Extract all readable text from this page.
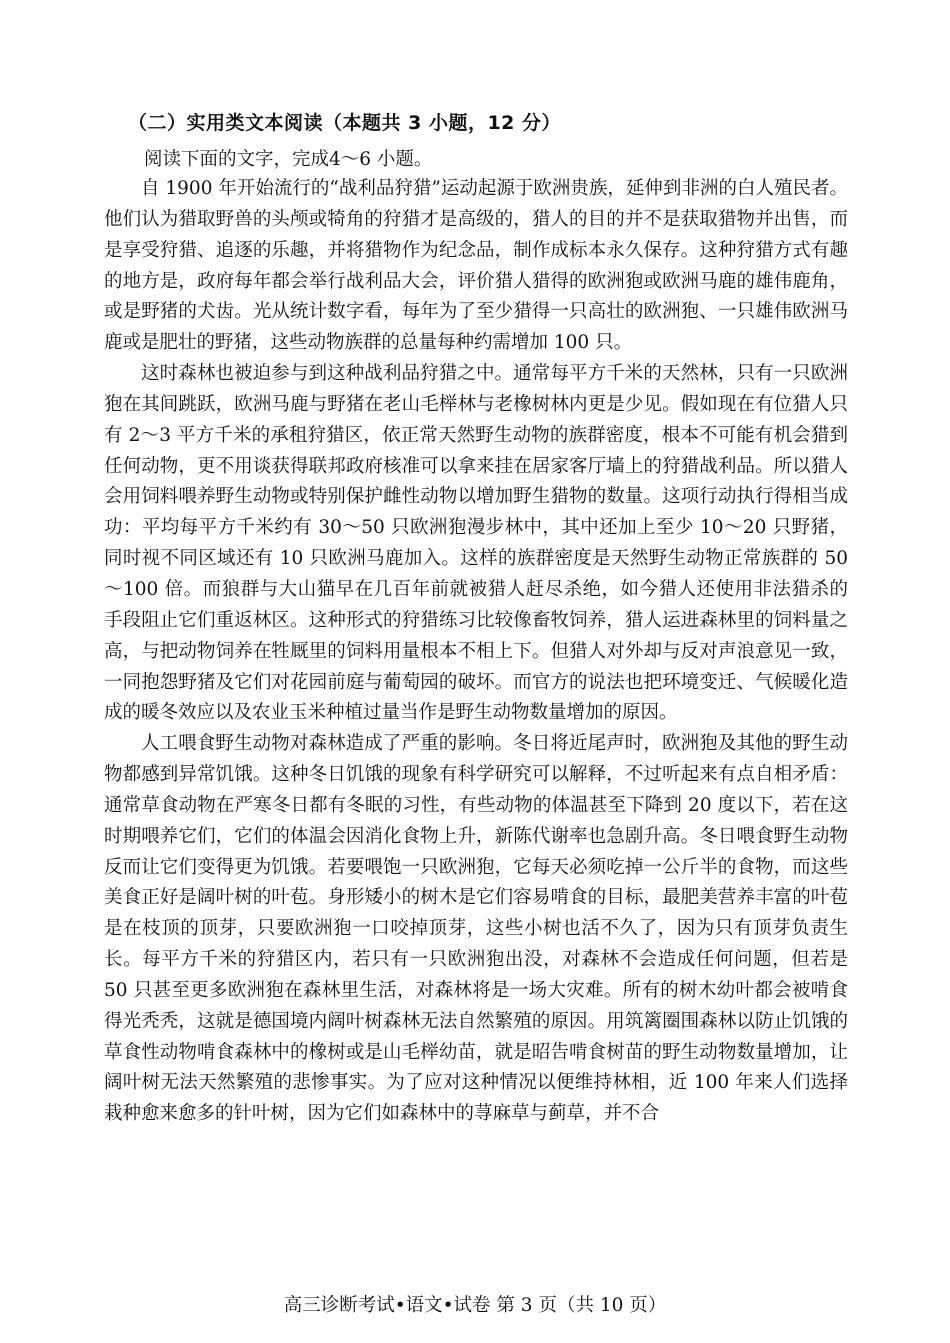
（二）实用类文本阅读（本题共 3 小题，12 分）
阅读下面的文字，完成4～6 小题。

自 1900 年开始流行的“战利品狩猎”运动起源于欧洲贵族，延伸到非洲的白人殖民者。他们认为猎取野兽的头颅或犄角的狩猎才是高级的，猎人的目的并不是获取猎物并出售，而是享受狩猎、追逐的乐趣，并将猎物作为纪念品，制作成标本永久保存。这种狩猎方式有趣的地方是，政府每年都会举行战利品大会，评价猎人猎得的欧洲狍或欧洲马鹿的雄伟鹿角，或是野猪的犬齿。光从统计数字看，每年为了至少猎得一只高壮的欧洲狍、一只雄伟欧洲马鹿或是肥壮的野猪，这些动物族群的总量每种约需增加 100 只。

这时森林也被迫参与到这种战利品狩猎之中。通常每平方千米的天然林，只有一只欧洲狍在其间跳跃，欧洲马鹿与野猪在老山毛榉林与老橡树林内更是少见。假如现在有位猎人只有 2～3 平方千米的承租狩猎区，依正常天然野生动物的族群密度，根本不可能有机会猎到任何动物，更不用谈获得联邦政府核准可以拿来挂在居家客厅墙上的狩猎战利品。所以猎人会用饲料喂养野生动物或特别保护雌性动物以增加野生猎物的数量。这项行动执行得相当成功：平均每平方千米约有 30～50 只欧洲狍漫步林中，其中还加上至少 10～20 只野猪，同时视不同区域还有 10 只欧洲马鹿加入。这样的族群密度是天然野生动物正常族群的 50～100 倍。而狼群与大山猫早在几百年前就被猎人赶尽杀绝，如今猎人还使用非法猎杀的手段阻止它们重返林区。这种形式的狩猎练习比较像畜牧饲养，猎人运进森林里的饲料量之高，与把动物饲养在牲厩里的饲料用量根本不相上下。但猎人对外却与反对声浪意见一致，一同抱怨野猪及它们对花园前庭与葡萄园的破坏。而官方的说法也把环境变迁、气候暖化造成的暖冬效应以及农业玉米种植过量当作是野生动物数量增加的原因。

人工喂食野生动物对森林造成了严重的影响。冬日将近尾声时，欧洲狍及其他的野生动物都感到异常饥饿。这种冬日饥饿的现象有科学研究可以解释，不过听起来有点自相矛盾：通常草食动物在严寒冬日都有冬眠的习性，有些动物的体温甚至下降到 20 度以下，若在这时期喂养它们，它们的体温会因消化食物上升，新陈代谢率也急剧升高。冬日喂食野生动物反而让它们变得更为饥饿。若要喂饱一只欧洲狍，它每天必须吃掉一公斤半的食物，而这些美食正好是阔叶树的叶苞。身形矮小的树木是它们容易啃食的目标，最肥美营养丰富的叶苞是在枝顶的顶芽，只要欧洲狍一口咬掉顶芽，这些小树也活不久了，因为只有顶芽负责生长。每平方千米的狩猎区内，若只有一只欧洲狍出没，对森林不会造成任何问题，但若是 50 只甚至更多欧洲狍在森林里生活，对森林将是一场大灾难。所有的树木幼叶都会被啃食得光秃秃，这就是德国境内阔叶树森林无法自然繁殖的原因。用筑篱圈围森林以防止饥饿的草食性动物啃食森林中的橡树或是山毛榉幼苗，就是昭告啃食树苗的野生动物数量增加，让阔叶树无法天然繁殖的悲惨事实。为了应对这种情况以便维持林相，近 100 年来人们选择栽种愈来愈多的针叶树，因为它们如森林中的荨麻草与蓟草，并不合

高三诊断考试•语文•试卷 第 3 页（共 10 页）
